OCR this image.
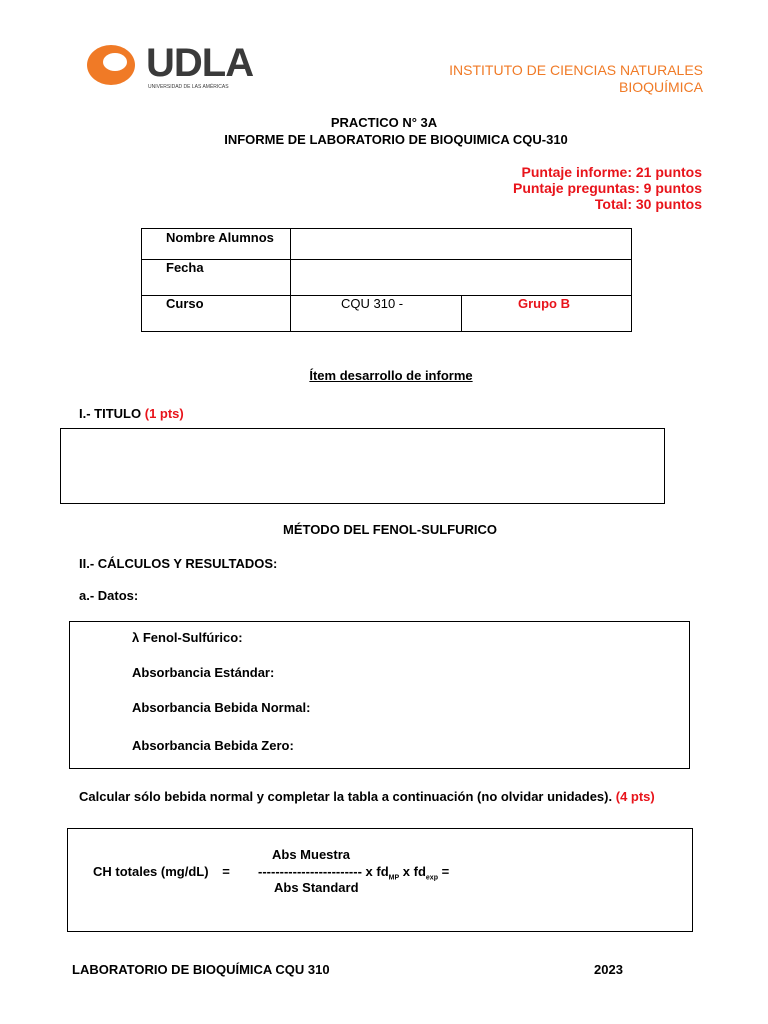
UDLA
UNIVERSIDAD DE LAS AMÉRICAS
INSTITUTO DE CIENCIAS NATURALES
BIOQUÍMICA
PRACTICO N° 3A
INFORME DE LABORATORIO DE BIOQUIMICA CQU-310
Puntaje informe: 21 puntos
Puntaje preguntas: 9 puntos
Total: 30 puntos
Nombre Alumnos		

Fecha		

Curso	CQU 310 -	Grupo B
Ítem desarrollo de informe
I.- TITULO (1 pts)
MÉTODO DEL FENOL-SULFURICO
II.- CÁLCULOS Y RESULTADOS:
a.- Datos:
λ Fenol-Sulfúrico:
Absorbancia Estándar:
Absorbancia Bebida Normal:
Absorbancia Bebida Zero:
Calcular sólo bebida normal y completar la tabla a continuación (no olvidar unidades). (4 pts)
Abs Muestra
CH totales (mg/dL) = ------------------------ x $fd_{MP}$ x $fd_{exp}$ =
Abs Standard
LABORATORIO DE BIOQUÍMICA CQU 310	2023
